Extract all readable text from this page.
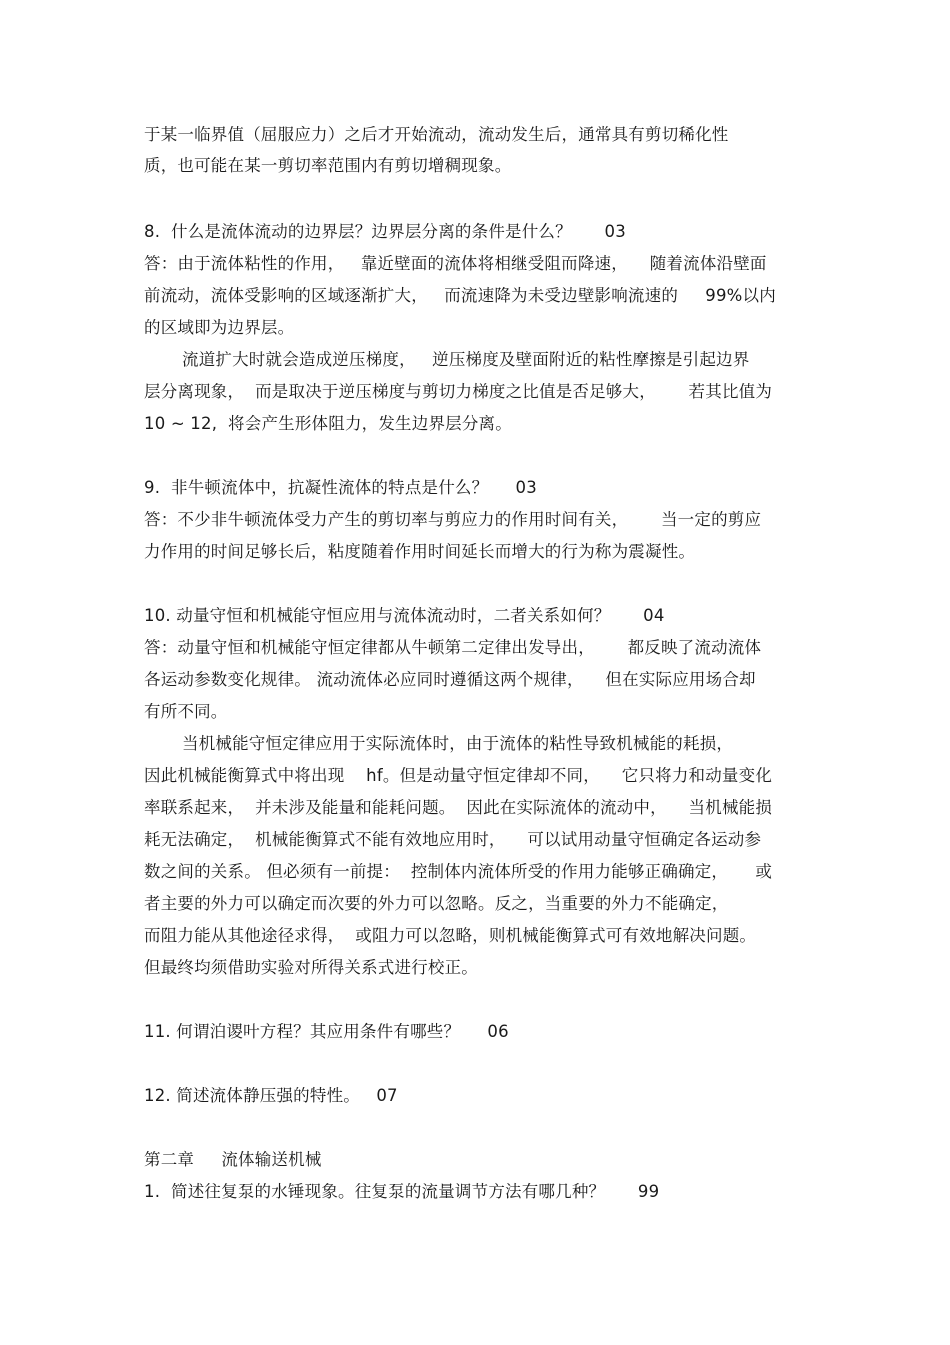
于某一临界值（屈服应力）之后才开始流动，流动发生后，通常具有剪切稀化性
质，也可能在某一剪切率范围内有剪切增稠现象。
8.  什么是流体流动的边界层？边界层分离的条件是什么？      03
答：由于流体粘性的作用，   靠近壁面的流体将相继受阻而降速，    随着流体沿壁面
前流动，流体受影响的区域逐渐扩大，   而流速降为未受边壁影响流速的     99%以内
的区域即为边界层。
流道扩大时就会造成逆压梯度，   逆压梯度及壁面附近的粘性摩擦是引起边界
层分离现象，  而是取决于逆压梯度与剪切力梯度之比值是否足够大，      若其比值为
10 ~ 12,  将会产生形体阻力，发生边界层分离。
9.  非牛顿流体中，抗凝性流体的特点是什么？     03
答：不少非牛顿流体受力产生的剪切率与剪应力的作用时间有关，      当一定的剪应
力作用的时间足够长后，粘度随着作用时间延长而增大的行为称为震凝性。
10. 动量守恒和机械能守恒应用与流体流动时，二者关系如何？      04
答：动量守恒和机械能守恒定律都从牛顿第二定律出发导出，      都反映了流动流体
各运动参数变化规律。 流动流体必应同时遵循这两个规律，    但在实际应用场合却
有所不同。
当机械能守恒定律应用于实际流体时，由于流体的粘性导致机械能的耗损，
因此机械能衡算式中将出现    hf。但是动量守恒定律却不同，    它只将力和动量变化
率联系起来，  并未涉及能量和能耗问题。  因此在实际流体的流动中，    当机械能损
耗无法确定，  机械能衡算式不能有效地应用时，    可以试用动量守恒确定各运动参
数之间的关系。 但必须有一前提：  控制体内流体所受的作用力能够正确确定，     或
者主要的外力可以确定而次要的外力可以忽略。反之，当重要的外力不能确定，
而阻力能从其他途径求得，  或阻力可以忽略，则机械能衡算式可有效地解决问题。
但最终均须借助实验对所得关系式进行校正。
11. 何谓泊谡叶方程？其应用条件有哪些？     06
12. 简述流体静压强的特性。   07
第二章     流体输送机械
1.  简述往复泵的水锤现象。往复泵的流量调节方法有哪几种？      99
